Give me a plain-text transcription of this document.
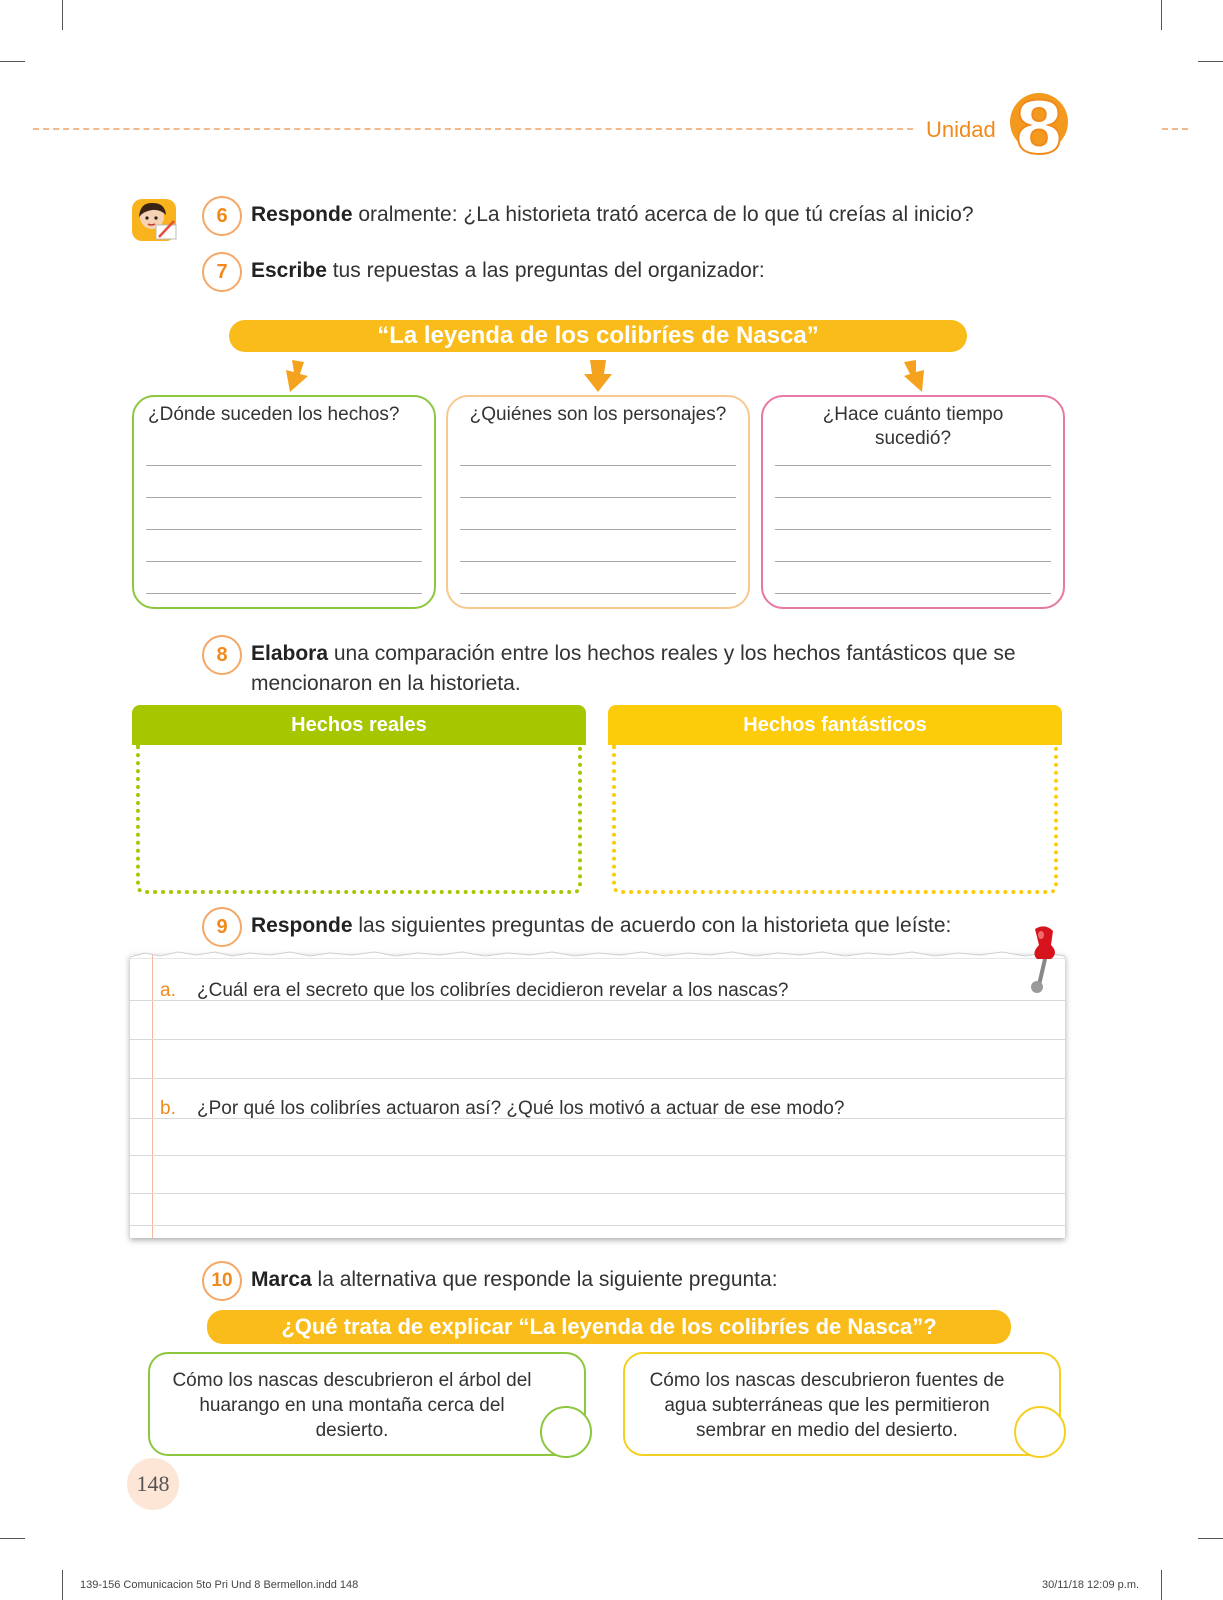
Unidad 8
6	Responde oralmente: ¿La historieta trató acerca de lo que tú creías al inicio?
7	Escribe tus repuestas a las preguntas del organizador:
“La leyenda de los colibríes de Nasca”
¿Dónde suceden los hechos?	¿Quiénes son los personajes?	¿Hace cuánto tiempo sucedió?
8	Elabora una comparación entre los hechos reales y los hechos fantásticos que se mencionaron en la historieta.
Hechos reales	Hechos fantásticos
9	Responde las siguientes preguntas de acuerdo con la historieta que leíste:
a. ¿Cuál era el secreto que los colibríes decidieron revelar a los nascas?
b. ¿Por qué los colibríes actuaron así? ¿Qué los motivó a actuar de ese modo?
10 Marca la alternativa que responde la siguiente pregunta:
¿Qué trata de explicar “La leyenda de los colibríes de Nasca”?
Cómo los nascas descubrieron el árbol del huarango en una montaña cerca del desierto.
Cómo los nascas descubrieron fuentes de agua subterráneas que les permitieron sembrar en medio del desierto.
148
139-156 Comunicacion 5to Pri Und 8 Bermellon.indd 148	30/11/18 12:09 p.m.
